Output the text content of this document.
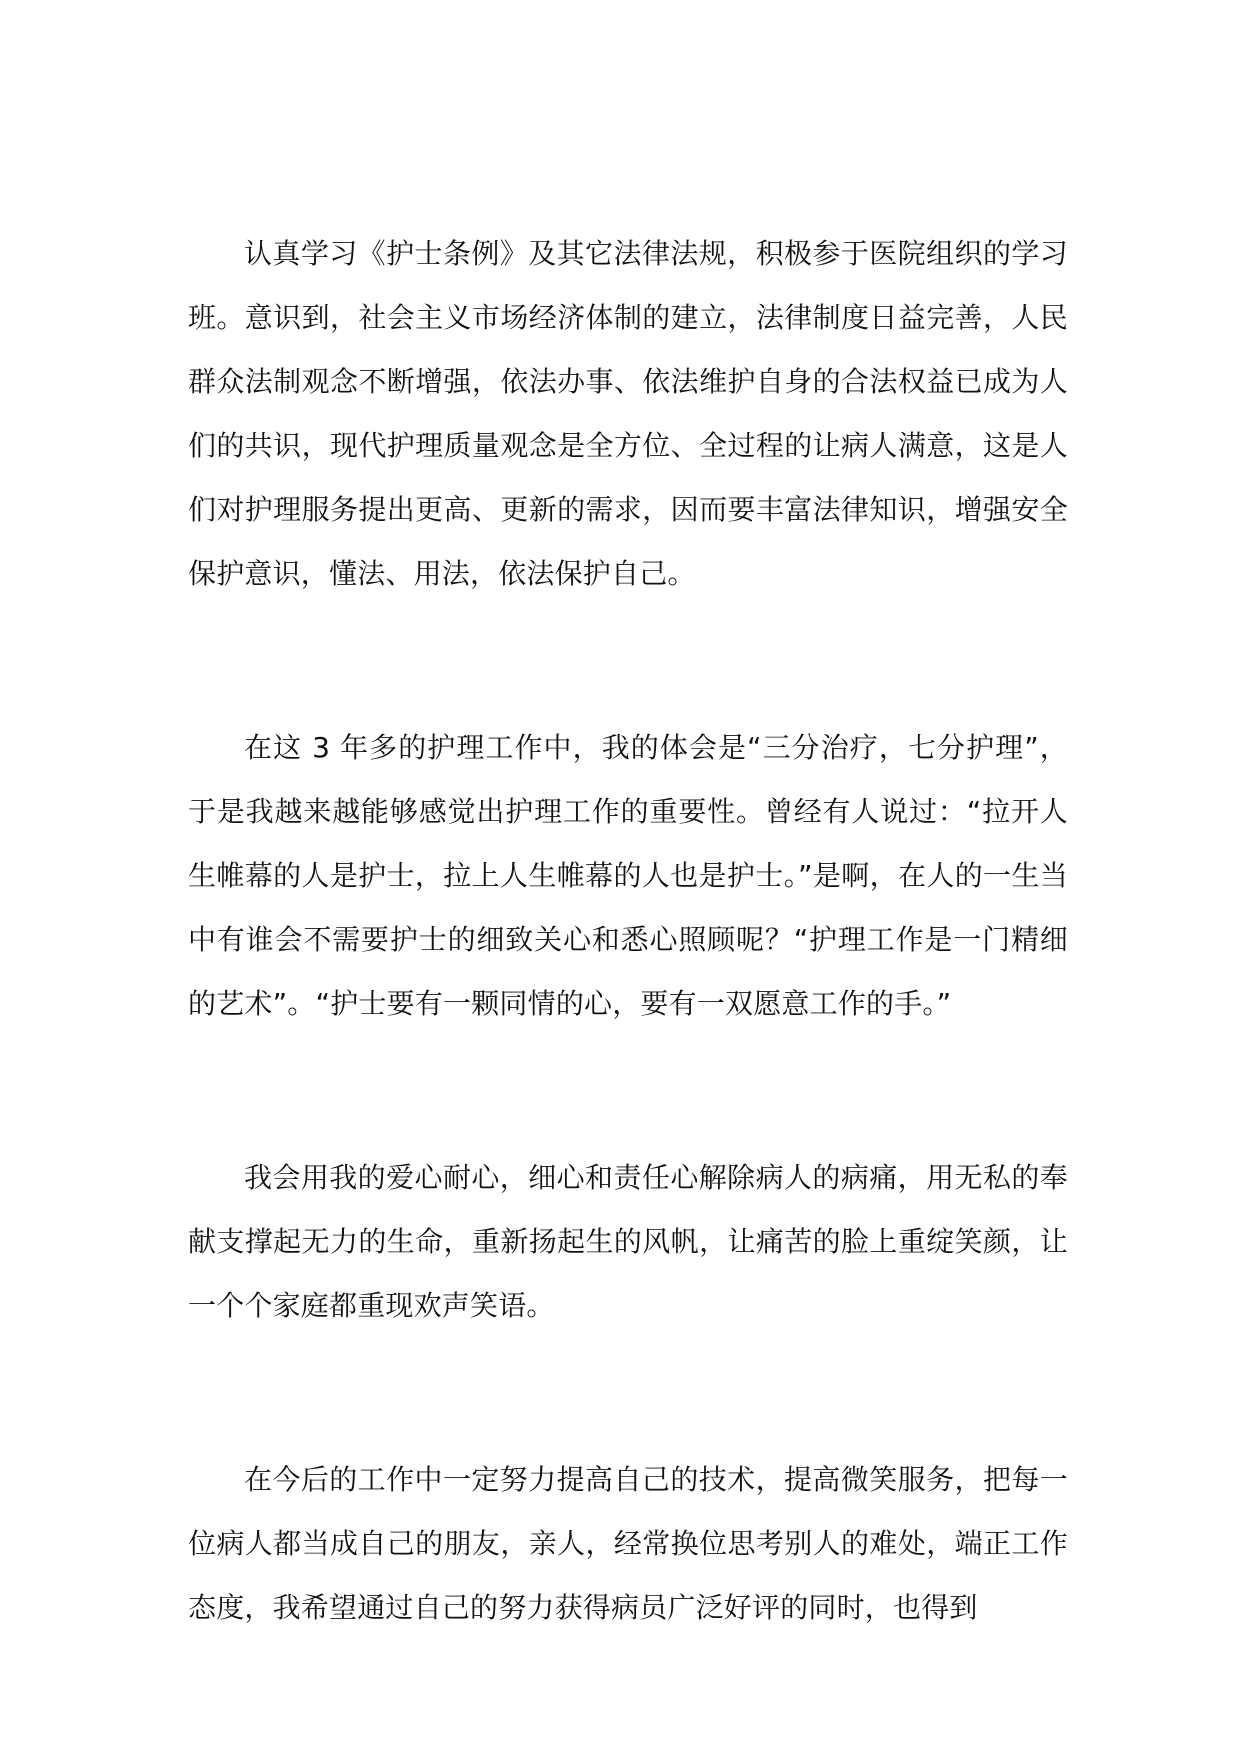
认真学习《护士条例》及其它法律法规，积极参于医院组织的学习班。意识到，社会主义市场经济体制的建立，法律制度日益完善，人民群众法制观念不断增强，依法办事、依法维护自身的合法权益已成为人们的共识，现代护理质量观念是全方位、全过程的让病人满意，这是人们对护理服务提出更高、更新的需求，因而要丰富法律知识，增强安全保护意识，懂法、用法，依法保护自己。

在这 3 年多的护理工作中，我的体会是“三分治疗，七分护理”，于是我越来越能够感觉出护理工作的重要性。曾经有人说过：“拉开人生帷幕的人是护士，拉上人生帷幕的人也是护士。”是啊，在人的一生当中有谁会不需要护士的细致关心和悉心照顾呢？“护理工作是一门精细的艺术”。“护士要有一颗同情的心，要有一双愿意工作的手。”

我会用我的爱心耐心，细心和责任心解除病人的病痛，用无私的奉献支撑起无力的生命，重新扬起生的风帆，让痛苦的脸上重绽笑颜，让一个个家庭都重现欢声笑语。

在今后的工作中一定努力提高自己的技术，提高微笑服务，把每一位病人都当成自己的朋友，亲人，经常换位思考别人的难处，端正工作态度，我希望通过自己的努力获得病员广泛好评的同时，也得到
